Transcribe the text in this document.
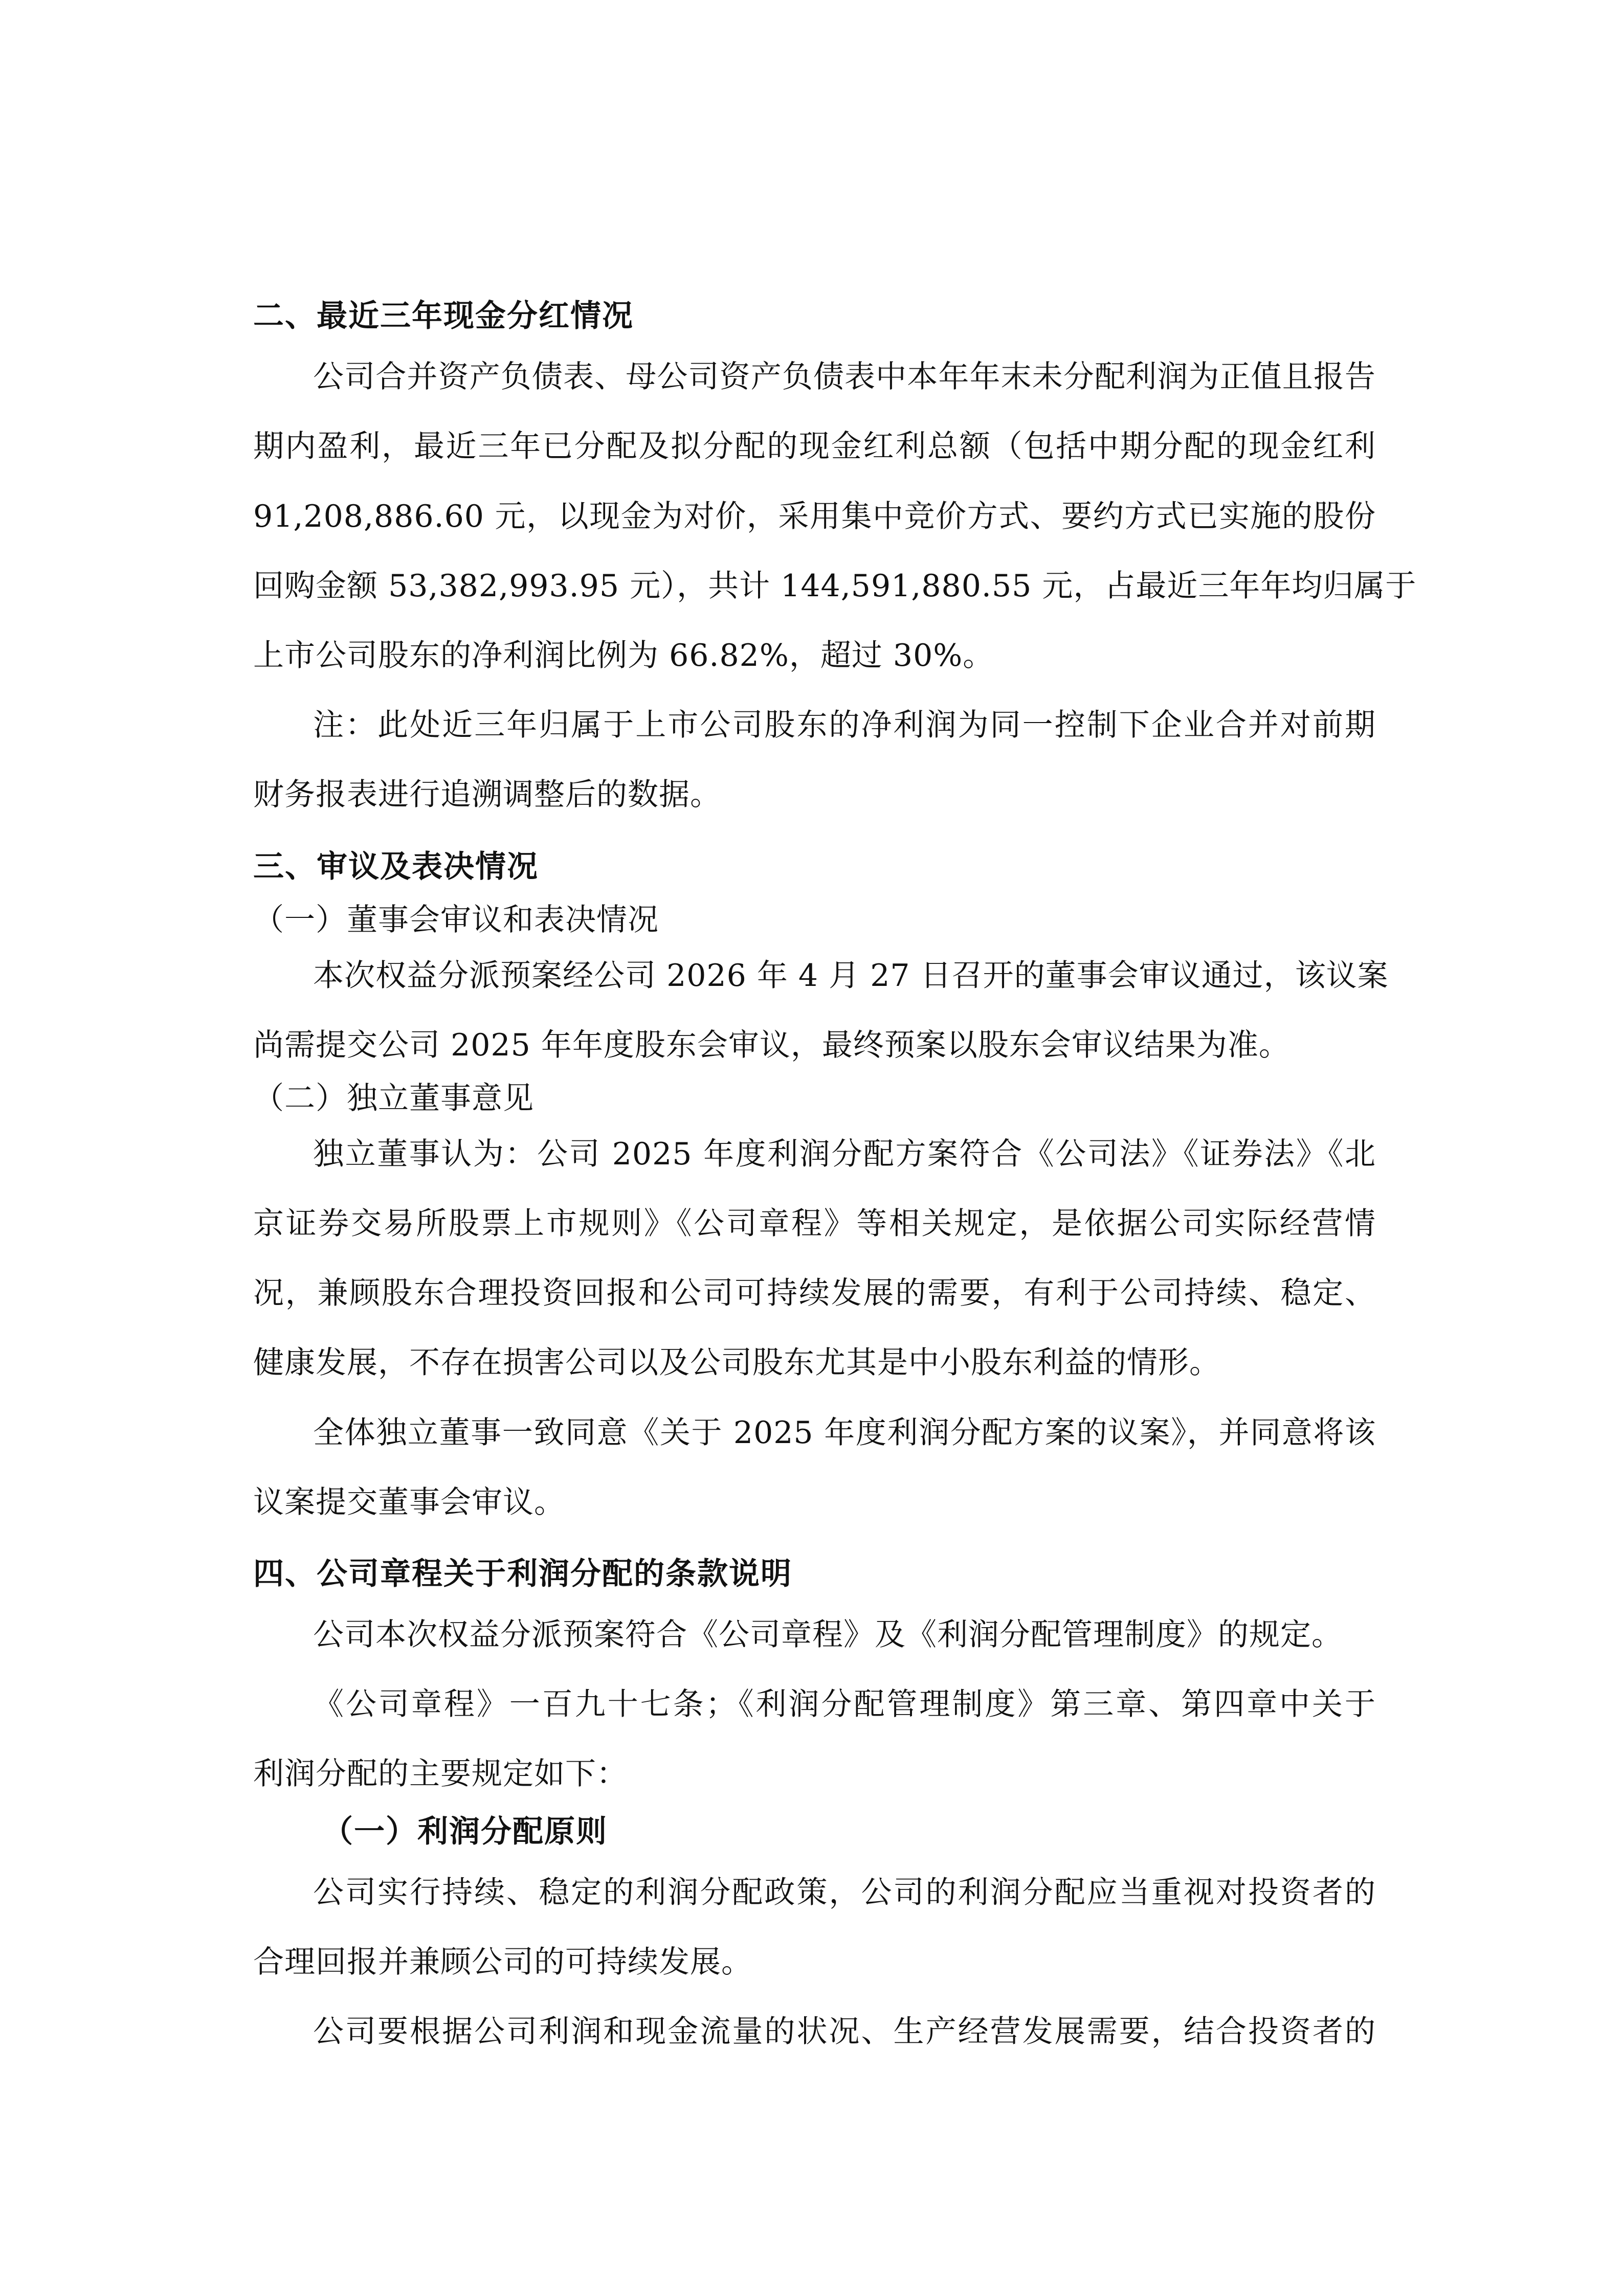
二、最近三年现金分红情况
公司合并资产负债表、母公司资产负债表中本年年末未分配利润为正值且报告
期内盈利，最近三年已分配及拟分配的现金红利总额（包括中期分配的现金红利
91,208,886.60 元，以现金为对价，采用集中竞价方式、要约方式已实施的股份
回购金额 53,382,993.95 元），共计 144,591,880.55 元，占最近三年年均归属于
上市公司股东的净利润比例为 66.82%，超过 30%。
注：此处近三年归属于上市公司股东的净利润为同一控制下企业合并对前期
财务报表进行追溯调整后的数据。
三、审议及表决情况
（一）董事会审议和表决情况
本次权益分派预案经公司 2026 年 4 月 27 日召开的董事会审议通过，该议案
尚需提交公司 2025 年年度股东会审议，最终预案以股东会审议结果为准。
（二）独立董事意见
独立董事认为：公司 2025 年度利润分配方案符合《公司法》《证券法》《北
京证券交易所股票上市规则》《公司章程》等相关规定，是依据公司实际经营情
况，兼顾股东合理投资回报和公司可持续发展的需要，有利于公司持续、稳定、
健康发展，不存在损害公司以及公司股东尤其是中小股东利益的情形。
全体独立董事一致同意《关于 2025 年度利润分配方案的议案》，并同意将该
议案提交董事会审议。
四、公司章程关于利润分配的条款说明
公司本次权益分派预案符合《公司章程》及《利润分配管理制度》的规定。
《公司章程》一百九十七条；《利润分配管理制度》第三章、第四章中关于
利润分配的主要规定如下：
（一）利润分配原则
公司实行持续、稳定的利润分配政策，公司的利润分配应当重视对投资者的
合理回报并兼顾公司的可持续发展。
公司要根据公司利润和现金流量的状况、生产经营发展需要，结合投资者的
